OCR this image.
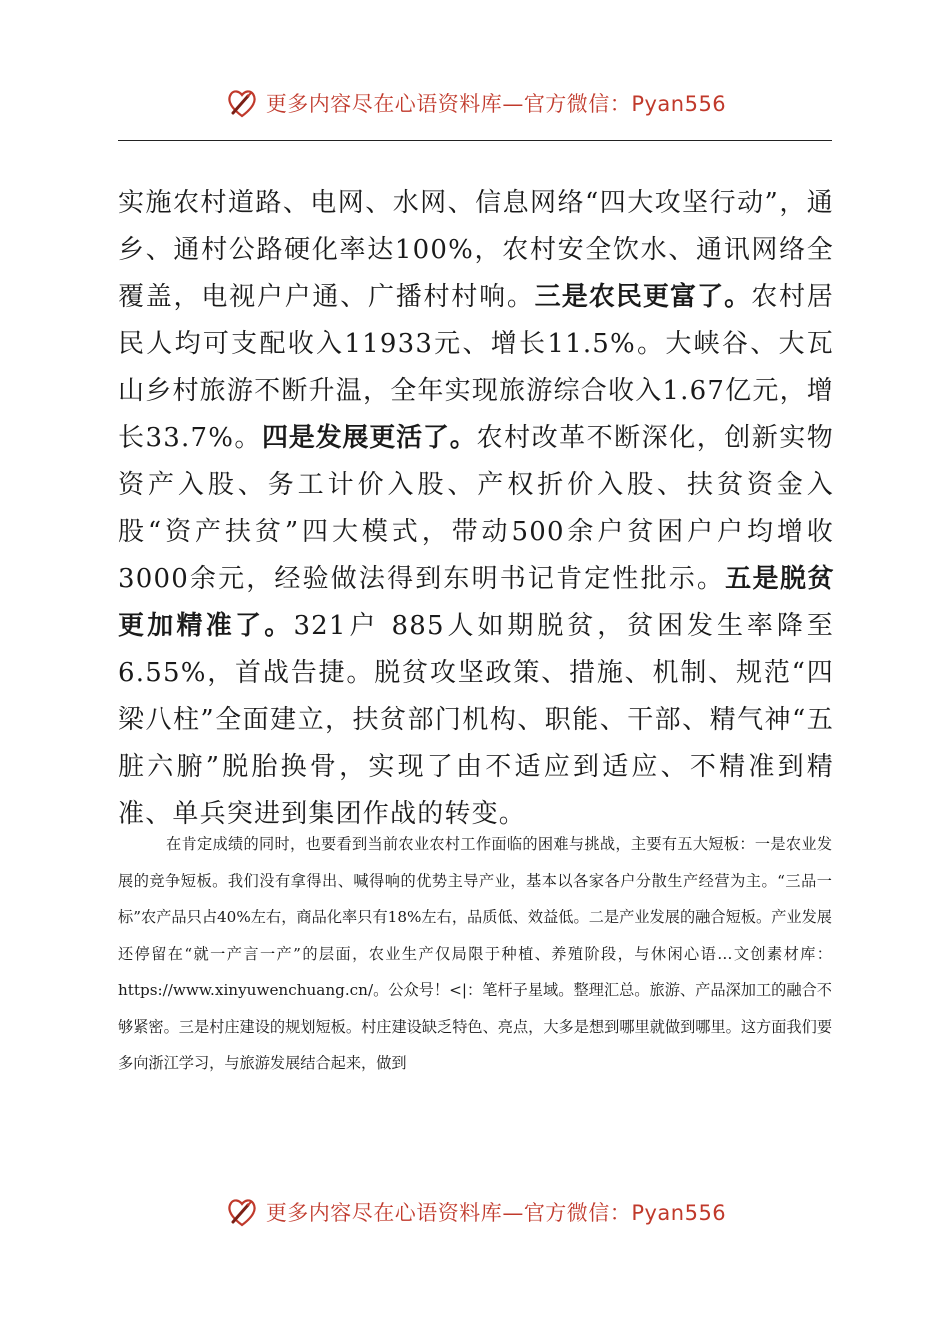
更多内容尽在心语资料库—官方微信：Pyan556
实施农村道路、电网、水网、信息网络“四大攻坚行动”，通乡、通村公路硬化率达100%，农村安全饮水、通讯网络全覆盖，电视户户通、广播村村响。三是农民更富了。农村居民人均可支配收入11933元、增长11.5%。大峡谷、大瓦山乡村旅游不断升温，全年实现旅游综合收入1.67亿元，增长33.7%。四是发展更活了。农村改革不断深化，创新实物资产入股、务工计价入股、产权折价入股、扶贫资金入股“资产扶贫”四大模式，带动500余户贫困户户均增收3000余元，经验做法得到东明书记肯定性批示。五是脱贫更加精准了。321户 885人如期脱贫，贫困发生率降至6.55%，首战告捷。脱贫攻坚政策、措施、机制、规范“四梁八柱”全面建立，扶贫部门机构、职能、干部、精气神“五脏六腑”脱胎换骨，实现了由不适应到适应、不精准到精准、单兵突进到集团作战的转变。
在肯定成绩的同时，也要看到当前农业农村工作面临的困难与挑战，主要有五大短板：一是农业发展的竞争短板。我们没有拿得出、喊得响的优势主导产业，基本以各家各户分散生产经营为主。“三品一标”农产品只占40%左右，商品化率只有18%左右，品质低、效益低。二是产业发展的融合短板。产业发展还停留在“就一产言一产”的层面，农业生产仅局限于种植、养殖阶段，与休闲心语…文创素材库：https://www.xinyuwenchuang.cn/。公众号！<|：笔杆子星域。整理汇总。旅游、产品深加工的融合不够紧密。三是村庄建设的规划短板。村庄建设缺乏特色、亮点，大多是想到哪里就做到哪里。这方面我们要多向浙江学习，与旅游发展结合起来，做到
更多内容尽在心语资料库—官方微信：Pyan556
